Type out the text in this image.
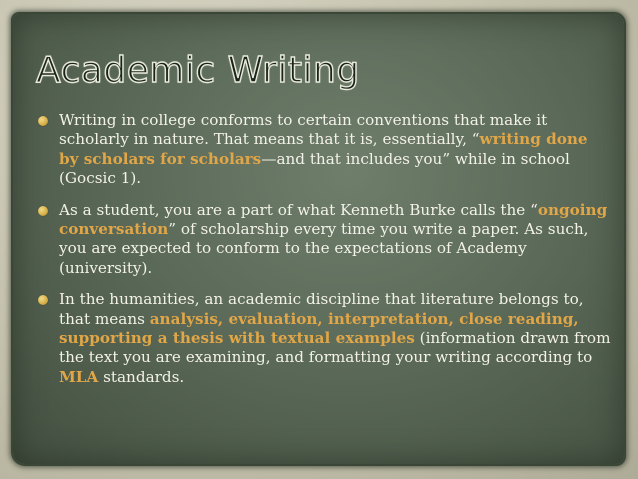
Academic Writing
Writing in college conforms to certain conventions that make it scholarly in nature. That means that it is, essentially, “writing done by scholars for scholars—and that includes you” while in school (Gocsic 1).
As a student, you are a part of what Kenneth Burke calls the “ongoing conversation” of scholarship every time you write a paper. As such, you are expected to conform to the expectations of Academy (university).
In the humanities, an academic discipline that literature belongs to, that means analysis, evaluation, interpretation, close reading, supporting a thesis with textual examples (information drawn from the text you are examining, and formatting your writing according to MLA standards.
